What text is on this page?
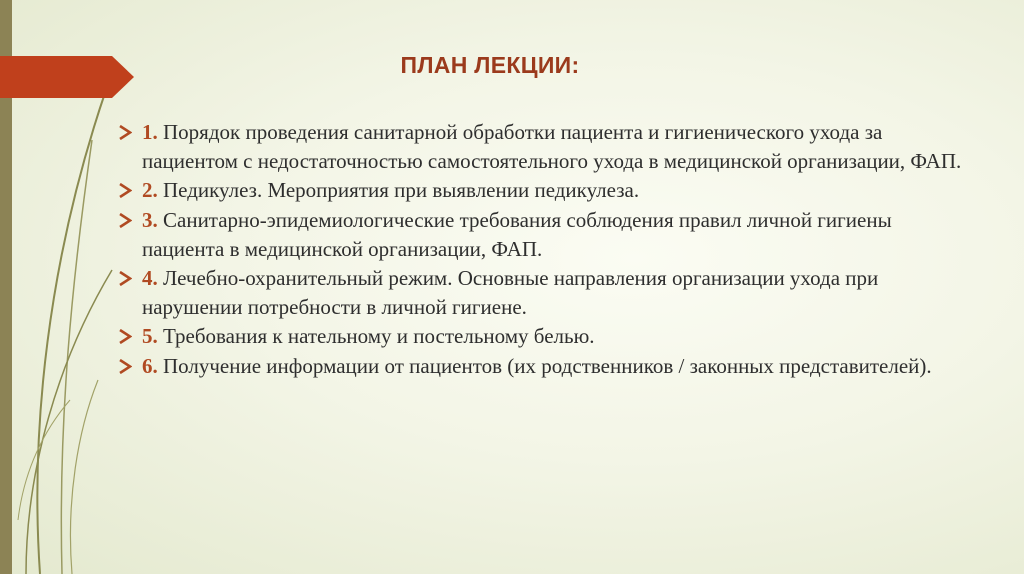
ПЛАН ЛЕКЦИИ:
1. Порядок проведения санитарной обработки пациента и гигиенического ухода за пациентом с недостаточностью самостоятельного ухода в медицинской организации, ФАП.
2. Педикулез. Мероприятия при выявлении педикулеза.
3. Санитарно-эпидемиологические требования соблюдения правил личной гигиены пациента в медицинской организации, ФАП.
4. Лечебно-охранительный режим. Основные направления организации ухода при нарушении потребности в личной гигиене.
5. Требования к нательному и постельному белью.
6. Получение информации от пациентов (их родственников / законных представителей).
